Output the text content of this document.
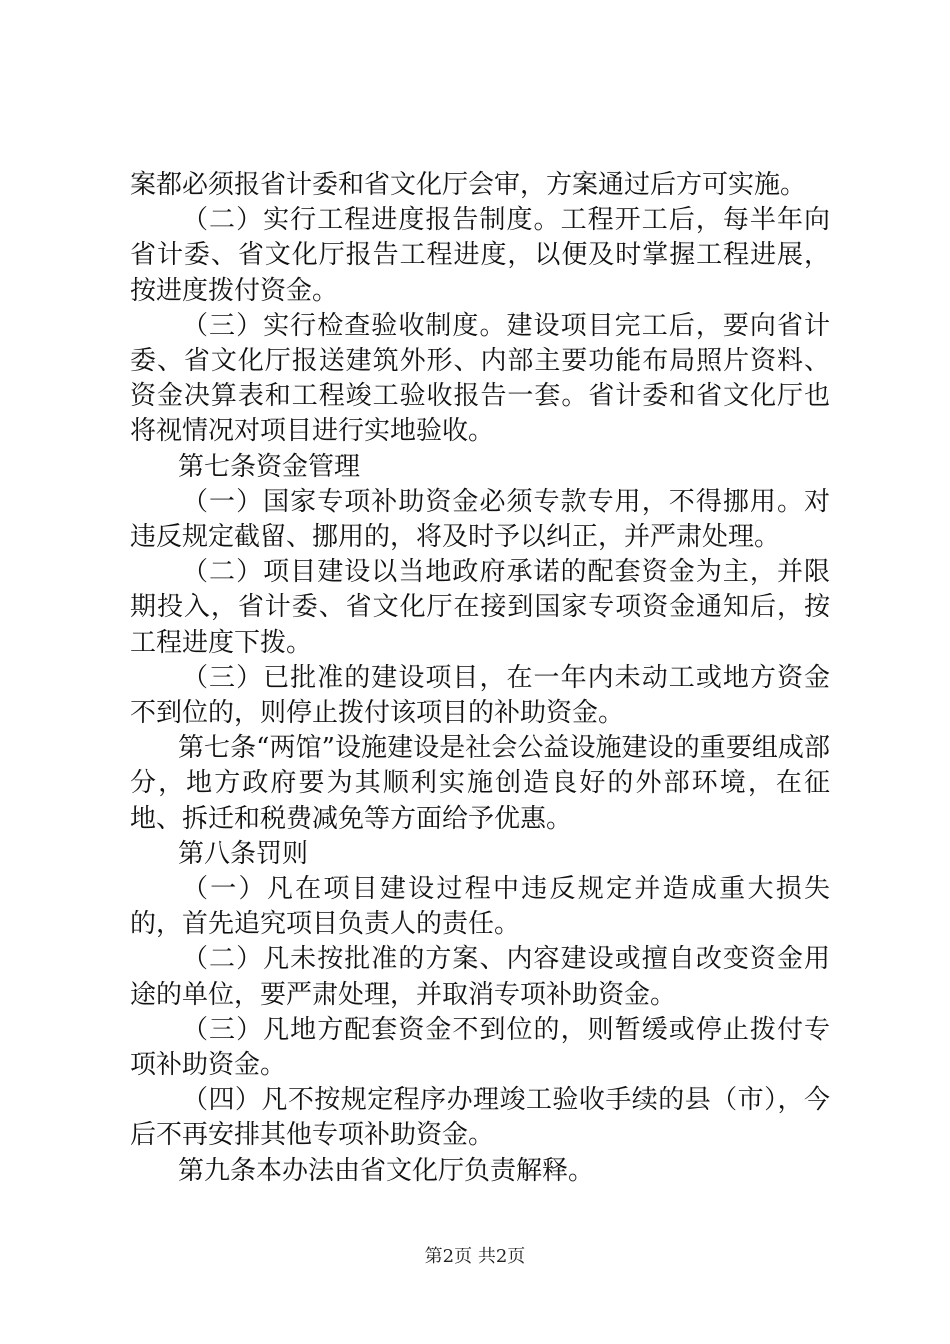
案都必须报省计委和省文化厅会审，方案通过后方可实施。

（二）实行工程进度报告制度。工程开工后，每半年向省计委、省文化厅报告工程进度，以便及时掌握工程进展，按进度拨付资金。

（三）实行检查验收制度。建设项目完工后，要向省计委、省文化厅报送建筑外形、内部主要功能布局照片资料、资金决算表和工程竣工验收报告一套。省计委和省文化厅也将视情况对项目进行实地验收。

第七条资金管理

（一）国家专项补助资金必须专款专用，不得挪用。对违反规定截留、挪用的，将及时予以纠正，并严肃处理。

（二）项目建设以当地政府承诺的配套资金为主，并限期投入，省计委、省文化厅在接到国家专项资金通知后，按工程进度下拨。

（三）已批准的建设项目，在一年内未动工或地方资金不到位的，则停止拨付该项目的补助资金。

第七条“两馆”设施建设是社会公益设施建设的重要组成部分，地方政府要为其顺利实施创造良好的外部环境，在征地、拆迁和税费减免等方面给予优惠。

第八条罚则

（一）凡在项目建设过程中违反规定并造成重大损失的，首先追究项目负责人的责任。

（二）凡未按批准的方案、内容建设或擅自改变资金用途的单位，要严肃处理，并取消专项补助资金。

（三）凡地方配套资金不到位的，则暂缓或停止拨付专项补助资金。

（四）凡不按规定程序办理竣工验收手续的县（市），今后不再安排其他专项补助资金。

第九条本办法由省文化厅负责解释。

第2页 共2页
